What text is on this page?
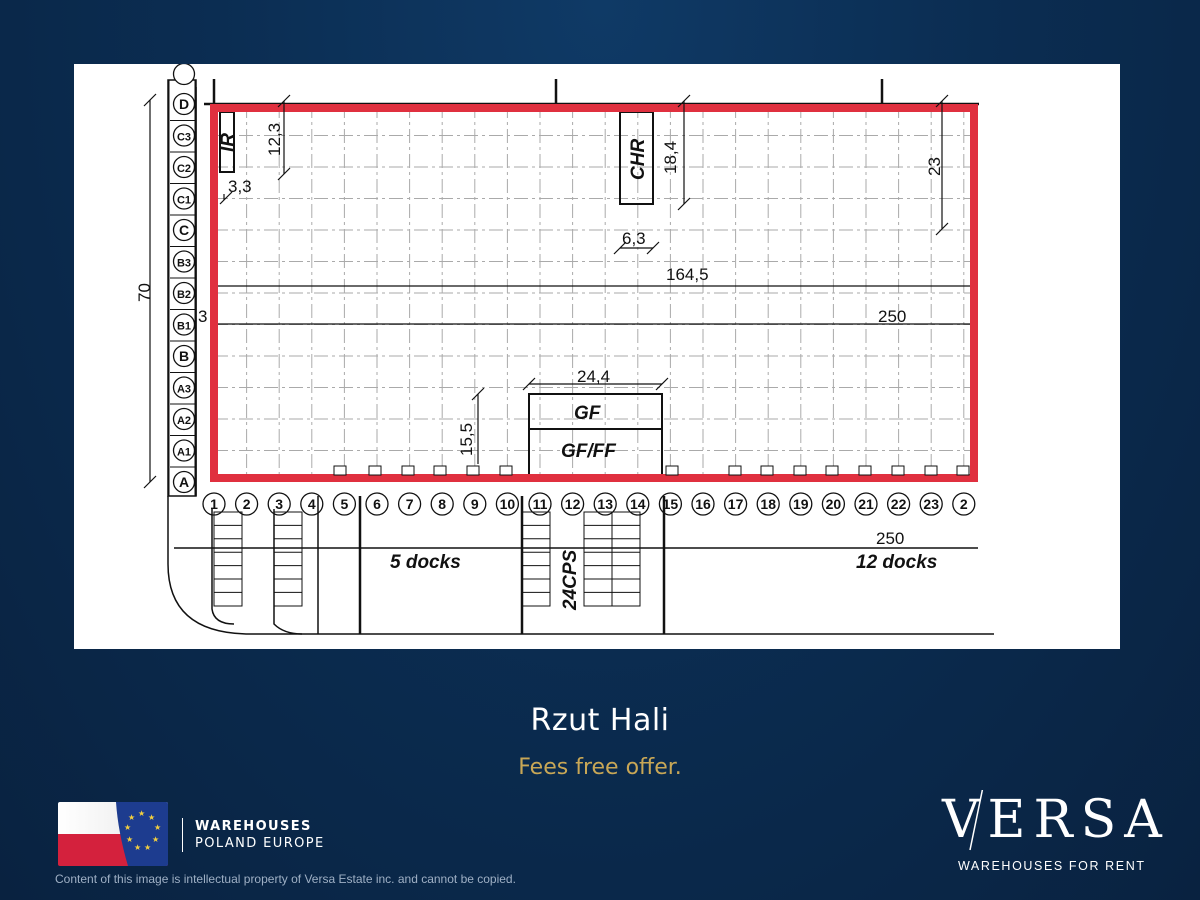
D
C3
C2
C1
C
B3
B2
B1
B
A3
A2
A1
A
IR	CHR
GF
GF/FF
70
12,3
3,3
18,4	23
6,3
164,5
250
3
24,4
15,5
1 2 3 4 5 6 7 8 9 10 11 12 13 14 15 16 17 18 19 20 21 22 23 2
5 docks	12 docks
24CPS
250
Rzut Hali
Fees free offer.
★ ★
★
★
★
★
★
★
★
WAREHOUSES
POLAND EUROPE
Content of this image is intellectual property of Versa Estate inc. and cannot be copied.
VERSA
WAREHOUSES FOR RENT
